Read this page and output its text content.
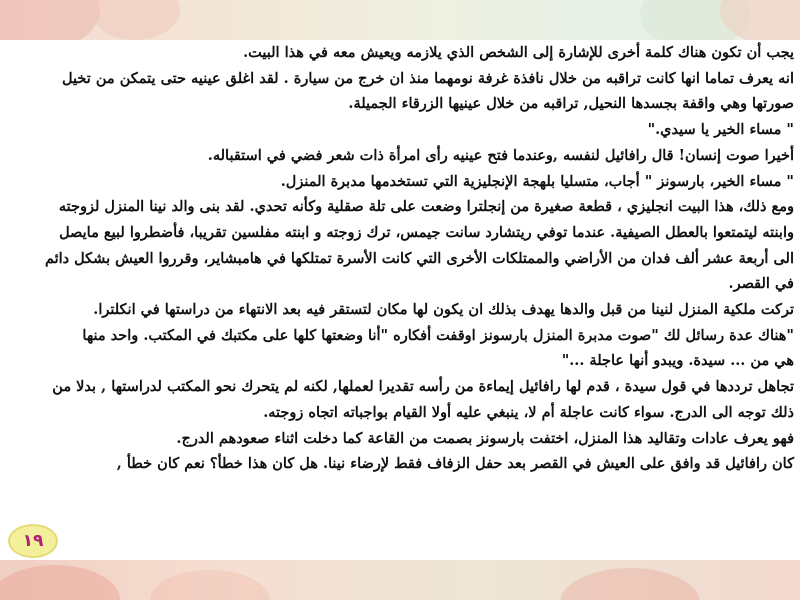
يجب أن تكون هناك كلمة أخرى للإشارة إلى الشخص الذي يلازمه ويعيش معه في هذا البيت.

انه يعرف تماما انها كانت تراقبه من خلال نافذة غرفة نومهما منذ ان خرج من سيارة . لقد اغلق عينيه حتى يتمكن من تخيل

صورتها وهي واقفة بجسدها النحيل, تراقبه من خلال عينيها الزرقاء الجميلة.

" مساء الخير يا سيدي."

أخيرا صوت إنسان! قال رافائيل لنفسه ,وعندما فتح عينيه رأى امرأة ذات شعر فضي في استقباله.

" مساء الخير، بارسونز " أجاب، متسليا بلهجة الإنجليزية التي تستخدمها مدبرة المنزل.

ومع ذلك، هذا البيت انجليزي ، قطعة صغيرة من إنجلترا وضعت على تلة صقلية وكأنه تحدي. لقد بنى والد نينا المنزل لزوجته

وابنته ليتمتعوا بالعطل الصيفية. عندما توفي ريتشارد سانت جيمس، ترك زوجته و ابنته مفلسين تقريبا، فأضطروا لبيع مايصل

الى أربعة عشر ألف فدان من الأراضي والممتلكات الأخرى التي كانت الأسرة تمتلكها في هامبشاير، وقرروا العيش بشكل دائم

في القصر.

تركت ملكية المنزل لنينا من قبل والدها يهدف بذلك ان يكون لها مكان لتستقر فيه بعد الانتهاء من دراستها في انكلترا.

"هناك عدة رسائل لك "صوت مدبرة المنزل بارسونز اوقفت أفكاره "أنا وضعتها كلها على مكتبك في المكتب. واحد منها

هي من ... سيدة. ويبدو أنها عاجلة ..."

تجاهل تردد‌ها في قول سيدة ، قدم لها رافائيل إيماءة من رأسه تقديرا لعملها, لكنه لم يتحرك نحو المكتب لدراستها , بدلا من

ذلك توجه الى الدرج. سواء كانت عاجلة أم لا، ينبغي عليه أولا القيام بواجباته اتجاه زوجته.

فهو يعرف عادات وتقاليد هذا المنزل، اختفت بارسونز بصمت من القاعة كما دخلت اثناء صعودهم الدرج.

كان رافائيل قد وافق على العيش في القصر بعد حفل الزفاف فقط لإرضاء نينا. هل كان هذا خطأ؟ نعم كان خطأ ,

١٩
